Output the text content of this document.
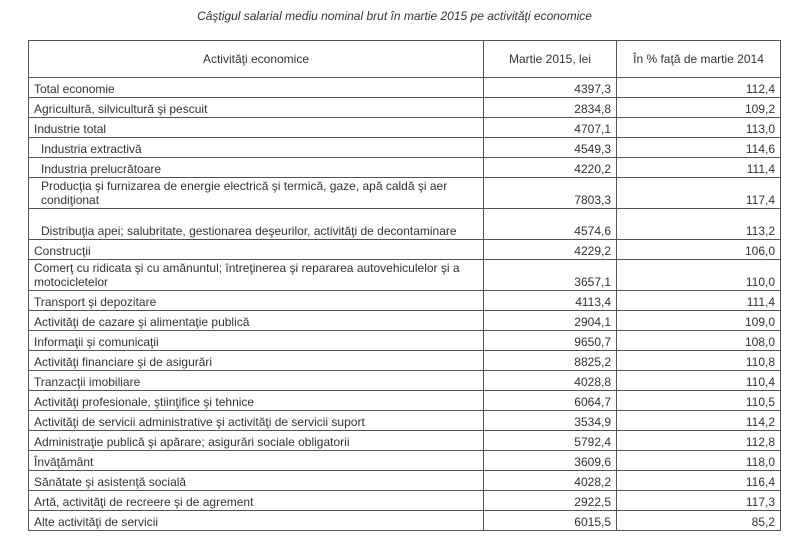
Câştigul salarial mediu nominal brut în martie 2015 pe activităţi economice
Activităţi economice	Martie 2015, lei	În % faţă de martie 2014
Total economie	4397,3	112,4
Agricultură, silvicultură şi pescuit	2834,8	109,2
Industrie total	4707,1	113,0
Industria extractivă	4549,3	114,6
Industria prelucrătoare	4220,2	111,4
Producţia şi furnizarea de energie electrică şi termică, gaze, apă caldă şi aer condiţionat	7803,3	117,4
Distribuţia apei; salubritate, gestionarea deşeurilor, activităţi de decontaminare	4574,6	113,2
Construcţii	4229,2	106,0
Comerţ cu ridicata şi cu amănuntul; întreţinerea şi repararea autovehiculelor şi a motocicletelor	3657,1	110,0
Transport şi depozitare	4113,4	111,4
Activităţi de cazare şi alimentaţie publică	2904,1	109,0
Informaţii şi comunicaţii	9650,7	108,0
Activităţi financiare şi de asigurări	8825,2	110,8
Tranzacţii imobiliare	4028,8	110,4
Activităţi profesionale, ştiinţifice şi tehnice	6064,7	110,5
Activităţi de servicii administrative şi activităţi de servicii suport	3534,9	114,2
Administraţie publică şi apărare; asigurări sociale obligatorii	5792,4	112,8
Învăţământ	3609,6	118,0
Sănătate şi asistenţă socială	4028,2	116,4
Artă, activităţi de recreere şi de agrement	2922,5	117,3
Alte activităţi de servicii	6015,5	85,2
